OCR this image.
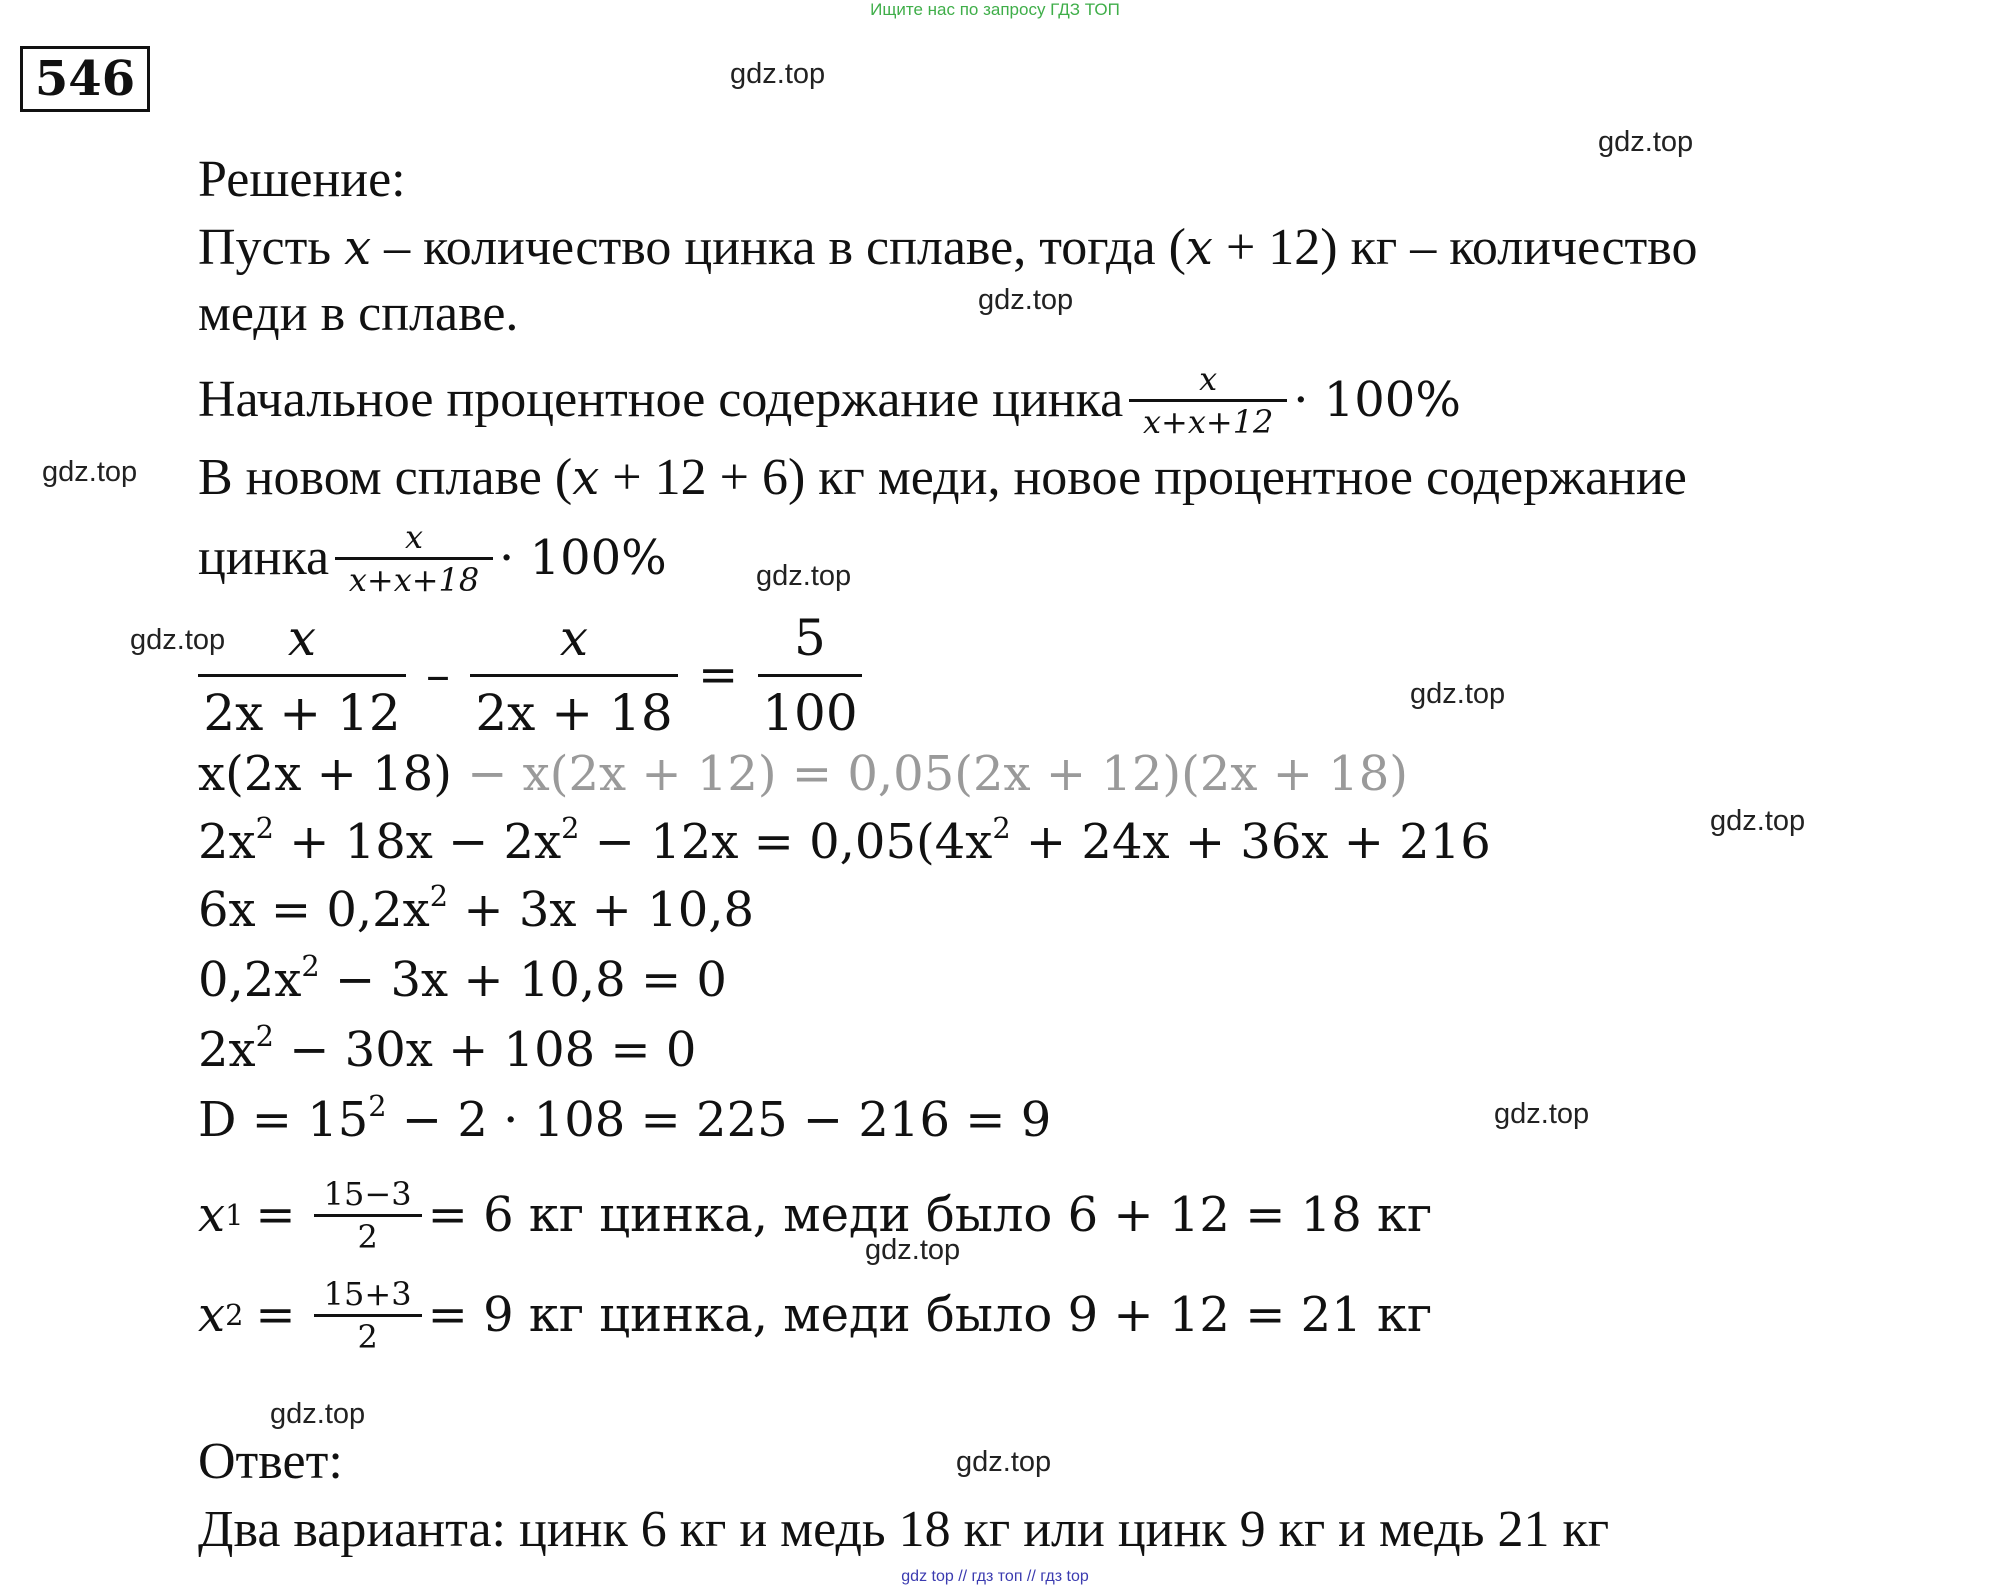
Ищите нас по запросу ГДЗ ТОП
546	gdz.top
gdz.top
gdz.top
gdz.top
gdz.top
gdz.top
gdz.top
gdz.top
gdz.top
gdz.top
gdz.top
gdz.top
Решение:
Пусть x – количество цинка в сплаве, тогда (x + 12) кг – количество
меди в сплаве.
Начальное процентное содержание цинка $\frac{x}{x+x+12} \cdot 100\%$
В новом сплаве (x + 12 + 6) кг меди, новое процентное содержание
цинка $\frac{x}{x+x+18} \cdot 100\%$
$\frac{x}{2x + 12} - \frac{x}{2x + 18} = \frac{5}{100}$
x(2x + 18) − x(2x + 12) = 0,05(2x + 12)(2x + 18)
$2x^2 + 18x - 2x^2 - 12x = 0,05(4x^2 + 24x + 36x + 216$
$6x = 0,2x^2 + 3x + 10,8$
$0,2x^2 - 3x + 10,8 = 0$
$2x^2 - 30x + 108 = 0$
$D = 15^2 - 2 \cdot 108 = 225 - 216 = 9$
x $1 = \frac{15-3}{2} = 6$ кг цинка, меди было 6 + 12 = 18 кг
x $2 = \frac{15+3}{2} = 9$ кг цинка, меди было 9 + 12 = 21 кг
Ответ:
Два варианта: цинк 6 кг и медь 18 кг или цинк 9 кг и медь 21 кг
gdz top // гдз топ // гдз top
